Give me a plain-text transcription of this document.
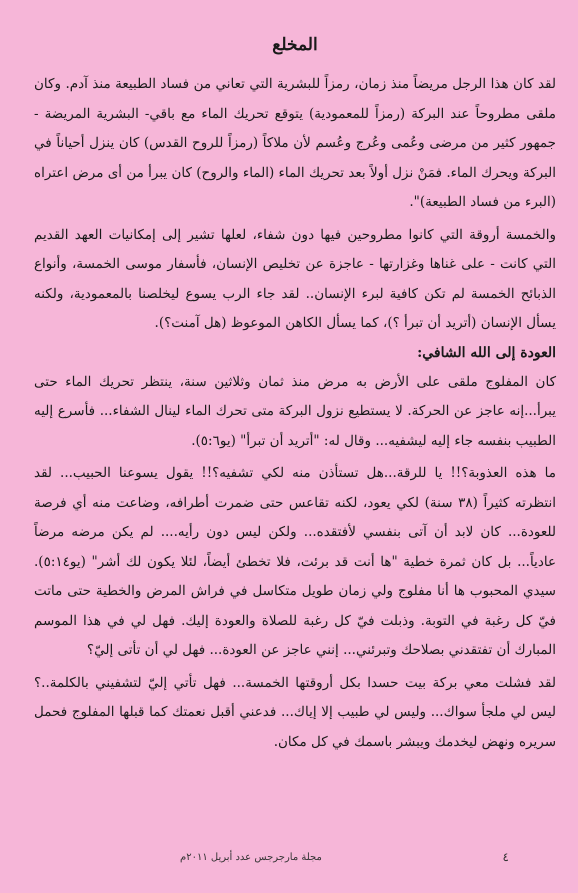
المخلع

لقد كان هذا الرجل مريضاً منذ زمان، رمزاً للبشرية التي تعاني من فساد الطبيعة منذ آدم. وكان ملقى مطروحاً عند البركة (رمزاً للمعمودية) يتوقع تحريك الماء مع باقي- البشرية المريضة - جمهور كثير من مرضى وعُمى وعُرج وعُسم لأن ملاكاً (رمزاً للروح القدس) كان ينزل أحياناً في البركة ويحرك الماء. فمَنْ نزل أولاً بعد تحريك الماء (الماء والروح) كان يبرأ من أى مرض اعتراه (البرء من فساد الطبيعة)".

والخمسة أروقة التي كانوا مطروحين فيها دون شفاء، لعلها تشير إلى إمكانيات العهد القديم التي كانت - على غناها وغزارتها - عاجزة عن تخليص الإنسان، فأسفار موسى الخمسة، وأنواع الذبائح الخمسة لم تكن كافية لبرء الإنسان.. لقد جاء الرب يسوع ليخلصنا بالمعمودية، ولكنه يسأل الإنسان (أتريد أن تبرأ ؟)، كما يسأل الكاهن الموعوظ (هل آمنت؟).

العودة إلى الله الشافي:

كان المفلوج ملقى على الأرض به مرض منذ ثمان وثلاثين سنة، ينتظر تحريك الماء حتى يبرأ...إنه عاجز عن الحركة. لا يستطيع نزول البركة متى تحرك الماء لينال الشفاء... فأسرع إليه الطبيب بنفسه جاء إليه ليشفيه... وقال له: "أتريد أن تبرأ" (يو٥:٦).

ما هذه العذوبة؟!! يا للرقة...هل تستأذن منه لكي تشفيه؟!! يقول يسوعنا الحبيب... لقد انتظرته كثيراً (٣٨ سنة) لكي يعود، لكنه تقاعس حتى ضمرت أطرافه، وضاعت منه أي فرصة للعودة... كان لابد أن آتى بنفسي لأفتقده... ولكن ليس دون رأيه.... لم يكن مرضه مرضاً عادياً... بل كان ثمرة خطية "ها أنت قد برئت، فلا تخطئ أيضاً، لئلا يكون لك أشر" (يو٥:١٤). سيدي المحبوب ها أنا مفلوج ولي زمان طويل متكاسل في فراش المرض والخطية حتى ماتت فيّ كل رغبة في التوبة. وذبلت فيّ كل رغبة للصلاة والعودة إليك. فهل لي في هذا الموسم المبارك أن تفتقدني بصلاحك وتبرئني... إنني عاجز عن العودة... فهل لي أن تأتى إليّ؟

لقد فشلت معي بركة بيت حسدا بكل أروقتها الخمسة... فهل تأتي إليّ لتشفيني بالكلمة..؟ ليس لي ملجأ سواك... وليس لي طبيب إلا إياك... فدعني أقبل نعمتك كما قبلها المفلوج فحمل سريره ونهض ليخدمك ويبشر باسمك في كل مكان.

٤
مجلة مارجرجس عدد أبريل ٢٠١١م
